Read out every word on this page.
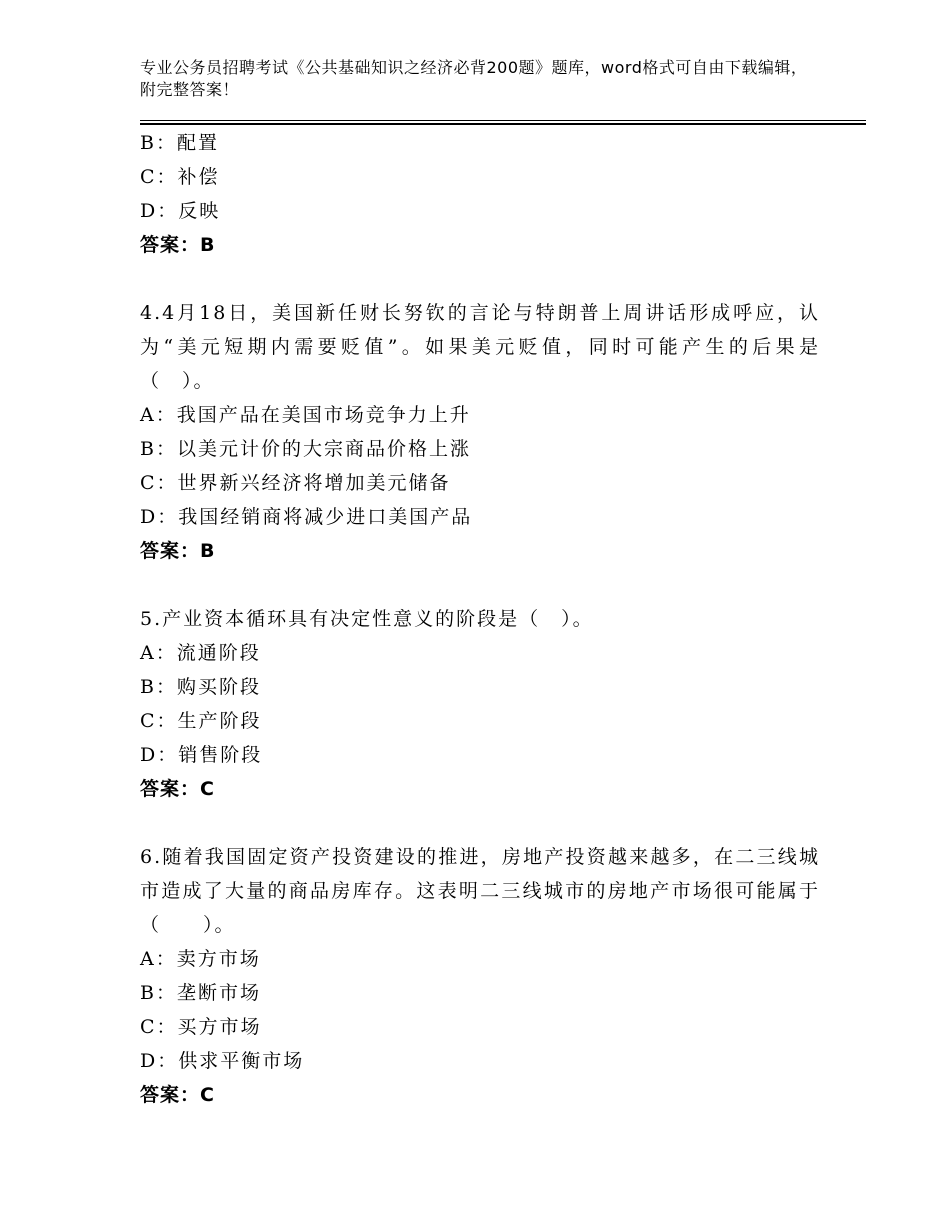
专业公务员招聘考试《公共基础知识之经济必背200题》题库，word格式可自由下载编辑，附完整答案！
B：配置
C：补偿
D：反映
答案：B
4.4月18日，美国新任财长努钦的言论与特朗普上周讲话形成呼应，认为“美元短期内需要贬值”。如果美元贬值，同时可能产生的后果是（　）。
A：我国产品在美国市场竞争力上升
B：以美元计价的大宗商品价格上涨
C：世界新兴经济将增加美元储备
D：我国经销商将减少进口美国产品
答案：B
5.产业资本循环具有决定性意义的阶段是（　）。
A：流通阶段
B：购买阶段
C：生产阶段
D：销售阶段
答案：C
6.随着我国固定资产投资建设的推进，房地产投资越来越多，在二三线城市造成了大量的商品房库存。这表明二三线城市的房地产市场很可能属于（　　）。
A：卖方市场
B：垄断市场
C：买方市场
D：供求平衡市场
答案：C
